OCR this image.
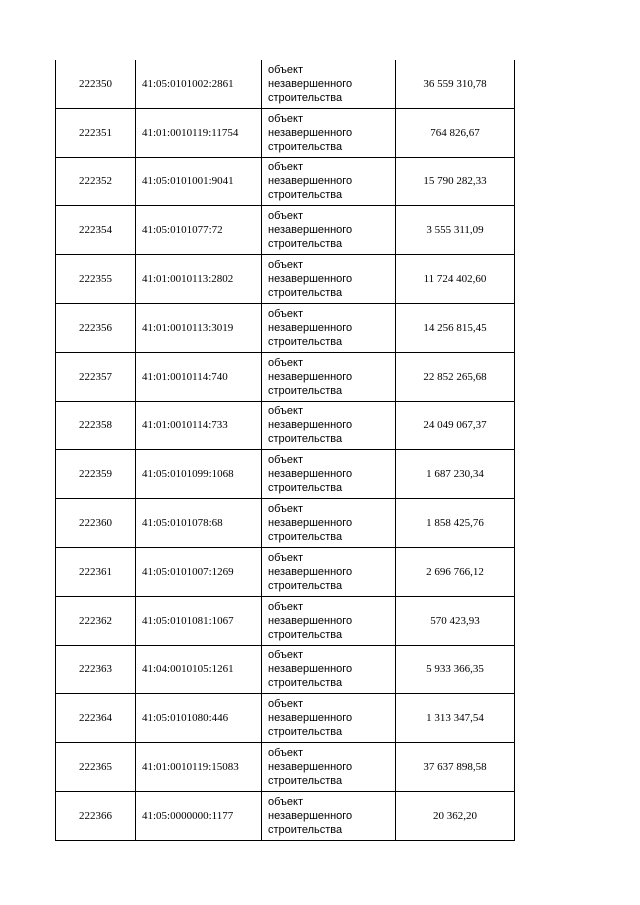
222350	41:05:0101002:2861	объект
незавершенного
строительства	36 559 310,78
222351	41:01:0010119:11754	объект
незавершенного
строительства	764 826,67
222352	41:05:0101001:9041	объект
незавершенного
строительства	15 790 282,33
222354	41:05:0101077:72	объект
незавершенного
строительства	3 555 311,09
222355	41:01:0010113:2802	объект
незавершенного
строительства	11 724 402,60
222356	41:01:0010113:3019	объект
незавершенного
строительства	14 256 815,45
222357	41:01:0010114:740	объект
незавершенного
строительства	22 852 265,68
222358	41:01:0010114:733	объект
незавершенного
строительства	24 049 067,37
222359	41:05:0101099:1068	объект
незавершенного
строительства	1 687 230,34
222360	41:05:0101078:68	объект
незавершенного
строительства	1 858 425,76
222361	41:05:0101007:1269	объект
незавершенного
строительства	2 696 766,12
222362	41:05:0101081:1067	объект
незавершенного
строительства	570 423,93
222363	41:04:0010105:1261	объект
незавершенного
строительства	5 933 366,35
222364	41:05:0101080:446	объект
незавершенного
строительства	1 313 347,54
222365	41:01:0010119:15083	объект
незавершенного
строительства	37 637 898,58
222366	41:05:0000000:1177	объект
незавершенного
строительства	20 362,20
